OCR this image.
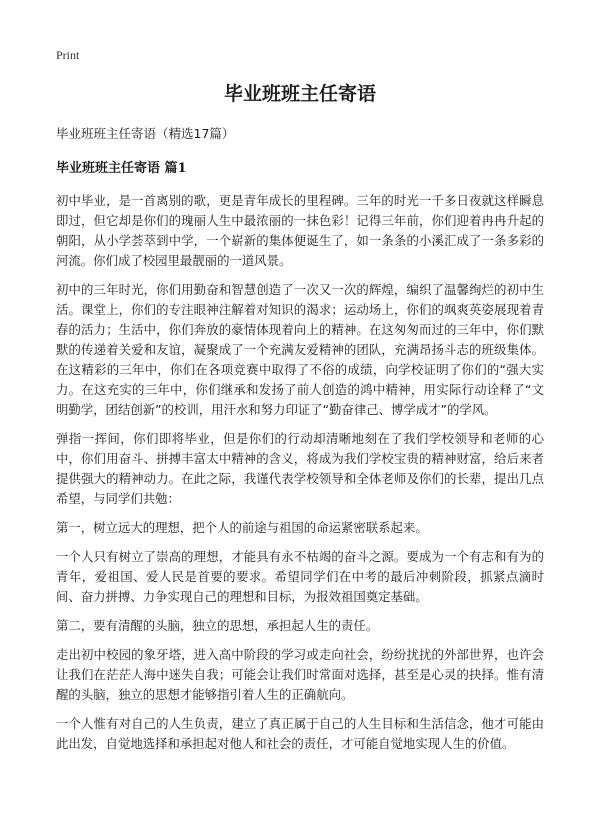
Print
毕业班班主任寄语

毕业班班主任寄语（精选17篇）

毕业班班主任寄语 篇1

初中毕业，是一首离别的歌，更是青年成长的里程碑。三年的时光一千多日夜就这样瞬息即过，但它却是你们的瑰丽人生中最浓丽的一抹色彩！记得三年前，你们迎着冉冉升起的朝阳，从小学荟萃到中学，一个崭新的集体便诞生了，如一条条的小溪汇成了一条多彩的河流。你们成了校园里最靓丽的一道风景。

初中的三年时光，你们用勤奋和智慧创造了一次又一次的辉煌，编织了温馨绚烂的初中生活。课堂上，你们的专注眼神注解着对知识的渴求；运动场上，你们的飒爽英姿展现着青春的活力；生活中，你们奔放的豪情体现着向上的精神。在这匆匆而过的三年中，你们默默的传递着关爱和友谊，凝聚成了一个充满友爱精神的团队，充满昂扬斗志的班级集体。在这精彩的三年中，你们在各项竞赛中取得了不俗的成绩，向学校证明了你们的“强大实力。在这充实的三年中，你们继承和发扬了前人创造的鸿中精神，用实际行动诠释了“文明勤学，团结创新”的校训，用汗水和努力印证了“勤奋律己、博学成才”的学风。

弹指一挥间，你们即将毕业，但是你们的行动却清晰地刻在了我们学校领导和老师的心中，你们用奋斗、拼搏丰富太中精神的含义，将成为我们学校宝贵的精神财富，给后来者提供强大的精神动力。在此之际，我谨代表学校领导和全体老师及你们的长辈，提出几点希望，与同学们共勉：

第一，树立远大的理想，把个人的前途与祖国的命运紧密联系起来。

一个人只有树立了崇高的理想，才能具有永不枯竭的奋斗之源。要成为一个有志和有为的青年，爱祖国、爱人民是首要的要求。希望同学们在中考的最后冲刺阶段，抓紧点滴时间、奋力拼搏、力争实现自己的理想和目标，为报效祖国奠定基础。

第二，要有清醒的头脑，独立的思想，承担起人生的责任。

走出初中校园的象牙塔，进入高中阶段的学习或走向社会，纷纷扰扰的外部世界，也许会让我们在茫茫人海中迷失自我；可能会让我们时常面对选择，甚至是心灵的抉择。惟有清醒的头脑，独立的思想才能够指引着人生的正确航向。

一个人惟有对自己的人生负责，建立了真正属于自己的人生目标和生活信念，他才可能由此出发，自觉地选择和承担起对他人和社会的责任，才可能自觉地实现人生的价值。
